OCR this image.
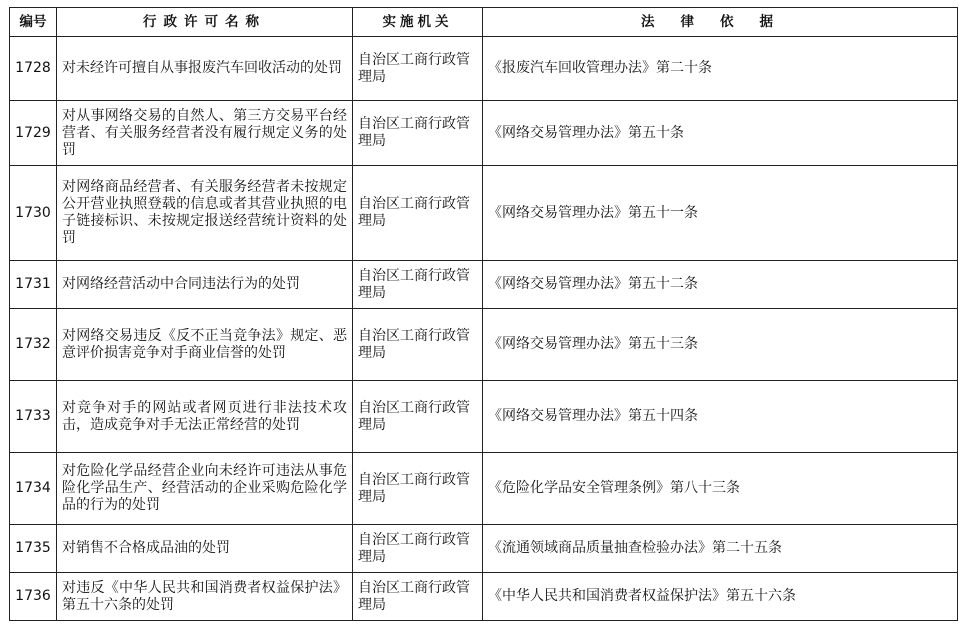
编号	行政许可名称	实施机关	法律依据
1728	对未经许可擅自从事报废汽车回收活动的处罚	自治区工商行政管理局	《报废汽车回收管理办法》第二十条
1729	对从事网络交易的自然人、第三方交易平台经营者、有关服务经营者没有履行规定义务的处罚	自治区工商行政管理局	《网络交易管理办法》第五十条
1730	对网络商品经营者、有关服务经营者未按规定公开营业执照登载的信息或者其营业执照的电子链接标识、未按规定报送经营统计资料的处罚	自治区工商行政管理局	《网络交易管理办法》第五十一条
1731	对网络经营活动中合同违法行为的处罚	自治区工商行政管理局	《网络交易管理办法》第五十二条
1732	对网络交易违反《反不正当竞争法》规定、恶意评价损害竞争对手商业信誉的处罚	自治区工商行政管理局	《网络交易管理办法》第五十三条
1733	对竞争对手的网站或者网页进行非法技术攻击，造成竞争对手无法正常经营的处罚	自治区工商行政管理局	《网络交易管理办法》第五十四条
1734	对危险化学品经营企业向未经许可违法从事危险化学品生产、经营活动的企业采购危险化学品的行为的处罚	自治区工商行政管理局	《危险化学品安全管理条例》第八十三条
1735	对销售不合格成品油的处罚	自治区工商行政管理局	《流通领域商品质量抽查检验办法》第二十五条
1736	对违反《中华人民共和国消费者权益保护法》第五十六条的处罚	自治区工商行政管理局	《中华人民共和国消费者权益保护法》第五十六条
